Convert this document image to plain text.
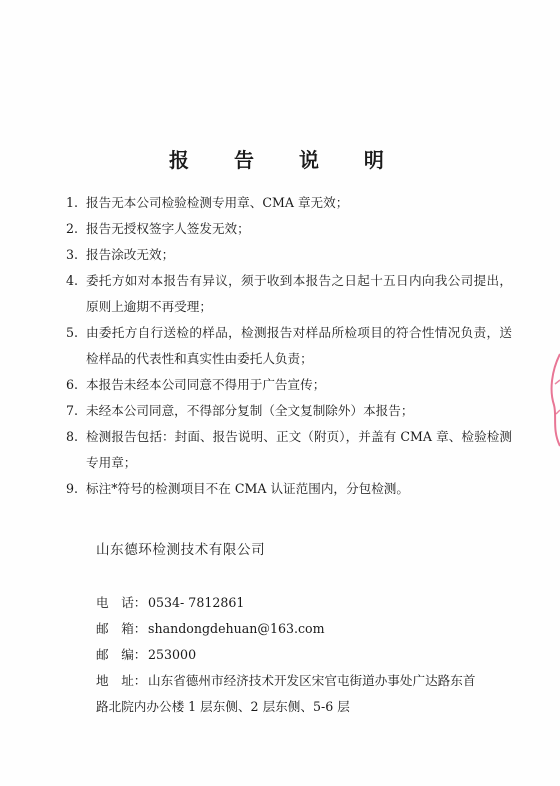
报 告 说 明
1. 报告无本公司检验检测专用章、CMA 章无效；
2. 报告无授权签字人签发无效；
3. 报告涂改无效；
4. 委托方如对本报告有异议，须于收到本报告之日起十五日内向我公司提出，原则上逾期不再受理；
5. 由委托方自行送检的样品，检测报告对样品所检项目的符合性情况负责，送检样品的代表性和真实性由委托人负责；
6. 本报告未经本公司同意不得用于广告宣传；
7. 未经本公司同意，不得部分复制（全文复制除外）本报告；
8. 检测报告包括：封面、报告说明、正文（附页），并盖有 CMA 章、检验检测专用章；
9. 标注*符号的检测项目不在 CMA 认证范围内，分包检测。
山东德环检测技术有限公司
电　话： 0534- 7812861
邮　箱： shandongdehuan@163.com
邮　编： 253000
地　址： 山东省德州市经济技术开发区宋官屯街道办事处广达路东首
路北院内办公楼 1 层东侧、2 层东侧、5-6 层
